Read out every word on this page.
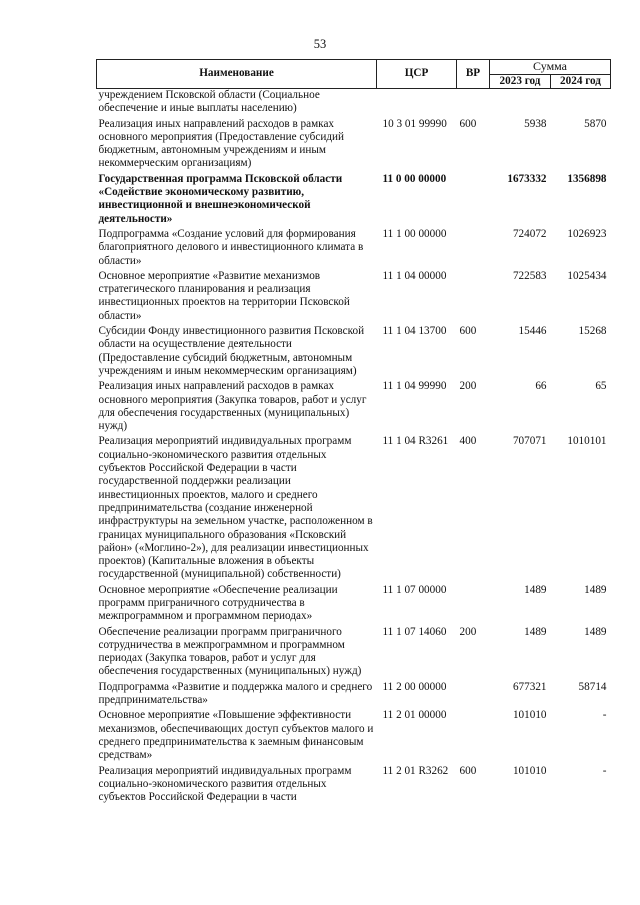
53
Наименование	ЦСР	ВР	Сумма	
			2023 год	2024 год
учреждением Псковской области (Социальное обеспечение и иные выплаты населению)				
Реализация иных направлений расходов в рамках основного мероприятия (Предоставление субсидий бюджетным, автономным учреждениям и иным некоммерческим организациям)	10 3 01 99990	600	5938	5870
Государственная программа Псковской области «Содействие экономическому развитию, инвестиционной и внешнеэкономической деятельности»	11 0 00 00000		1673332	1356898
Подпрограмма «Создание условий для формирования благоприятного делового и инвестиционного климата в области»	11 1 00 00000		724072	1026923
Основное мероприятие «Развитие механизмов стратегического планирования и реализация инвестиционных проектов на территории Псковской области»	11 1 04 00000		722583	1025434
Субсидии Фонду инвестиционного развития Псковской области на осуществление деятельности (Предоставление субсидий бюджетным, автономным учреждениям и иным некоммерческим организациям)	11 1 04 13700	600	15446	15268
Реализация иных направлений расходов в рамках основного мероприятия (Закупка товаров, работ и услуг для обеспечения государственных (муниципальных) нужд)	11 1 04 99990	200	66	65
Реализация мероприятий индивидуальных программ социально-экономического развития отдельных субъектов Российской Федерации в части государственной поддержки реализации инвестиционных проектов, малого и среднего предпринимательства (создание инженерной инфраструктуры на земельном участке, расположенном в границах муниципального образования «Псковский район» («Моглино-2»), для реализации инвестиционных проектов) (Капитальные вложения в объекты государственной (муниципальной) собственности)	11 1 04 R3261	400	707071	1010101
Основное мероприятие «Обеспечение реализации программ приграничного сотрудничества в межпрограммном и программном периодах»	11 1 07 00000		1489	1489
Обеспечение реализации программ приграничного сотрудничества в межпрограммном и программном периодах (Закупка товаров, работ и услуг для обеспечения государственных (муниципальных) нужд)	11 1 07 14060	200	1489	1489
Подпрограмма «Развитие и поддержка малого и среднего предпринимательства»	11 2 00 00000		677321	58714
Основное мероприятие «Повышение эффективности механизмов, обеспечивающих доступ субъектов малого и среднего предпринимательства к заемным финансовым средствам»	11 2 01 00000		101010	-
Реализация мероприятий индивидуальных программ социально-экономического развития отдельных субъектов Российской Федерации в части	11 2 01 R3262	600	101010	-
